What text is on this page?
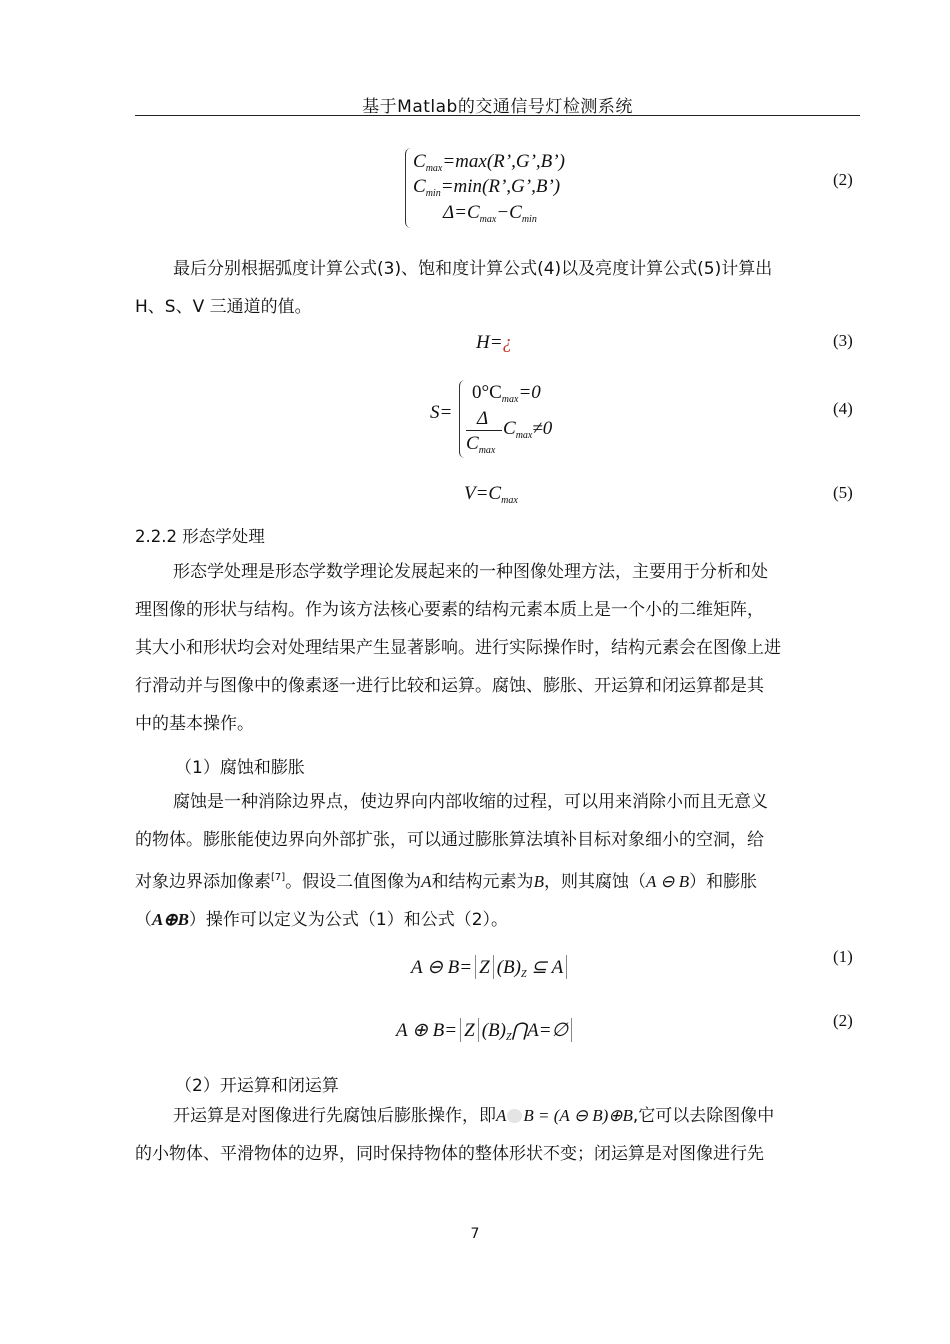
基于Matlab的交通信号灯检测系统
$C_{max}=\max(R’,G’,B’)$
$C_{min}=\min(R’,G’,B’)$
$\Delta=C_{max}-C_{min}$
(2)
最后分别根据弧度计算公式(3)、饱和度计算公式(4)以及亮度计算公式(5)计算出
H、S、V 三通道的值。
H=¿	(3)
S=
$0^\circ C_{max}=0$
Δ
$C_{max}$
$C_{max}\ne 0$
(4)
$V=C_{max}$	(5)
2.2.2 形态学处理
形态学处理是形态学数学理论发展起来的一种图像处理方法，主要用于分析和处
理图像的形状与结构。作为该方法核心要素的结构元素本质上是一个小的二维矩阵，
其大小和形状均会对处理结果产生显著影响。进行实际操作时，结构元素会在图像上进
行滑动并与图像中的像素逐一进行比较和运算。腐蚀、膨胀、开运算和闭运算都是其
中的基本操作。
（1）腐蚀和膨胀
腐蚀是一种消除边界点，使边界向内部收缩的过程，可以用来消除小而且无意义
的物体。膨胀能使边界向外部扩张，可以通过膨胀算法填补目标对象细小的空洞，给
对象边界添加像素[7]。假设二值图像为A和结构元素为B，则其腐蚀（A ⊖ B）和膨胀
（A⊕B）操作可以定义为公式（1）和公式（2）。
A ⊖ B= Z $(B)_Z$ ⊆ A
(1)
A ⊕ B= Z $(B)_Z⋂A=\emptyset$	(2)
（2）开运算和闭运算
开运算是对图像进行先腐蚀后膨胀操作，即A B = (A ⊖ B)⊕B,它可以去除图像中
的小物体、平滑物体的边界，同时保持物体的整体形状不变；闭运算是对图像进行先
7
